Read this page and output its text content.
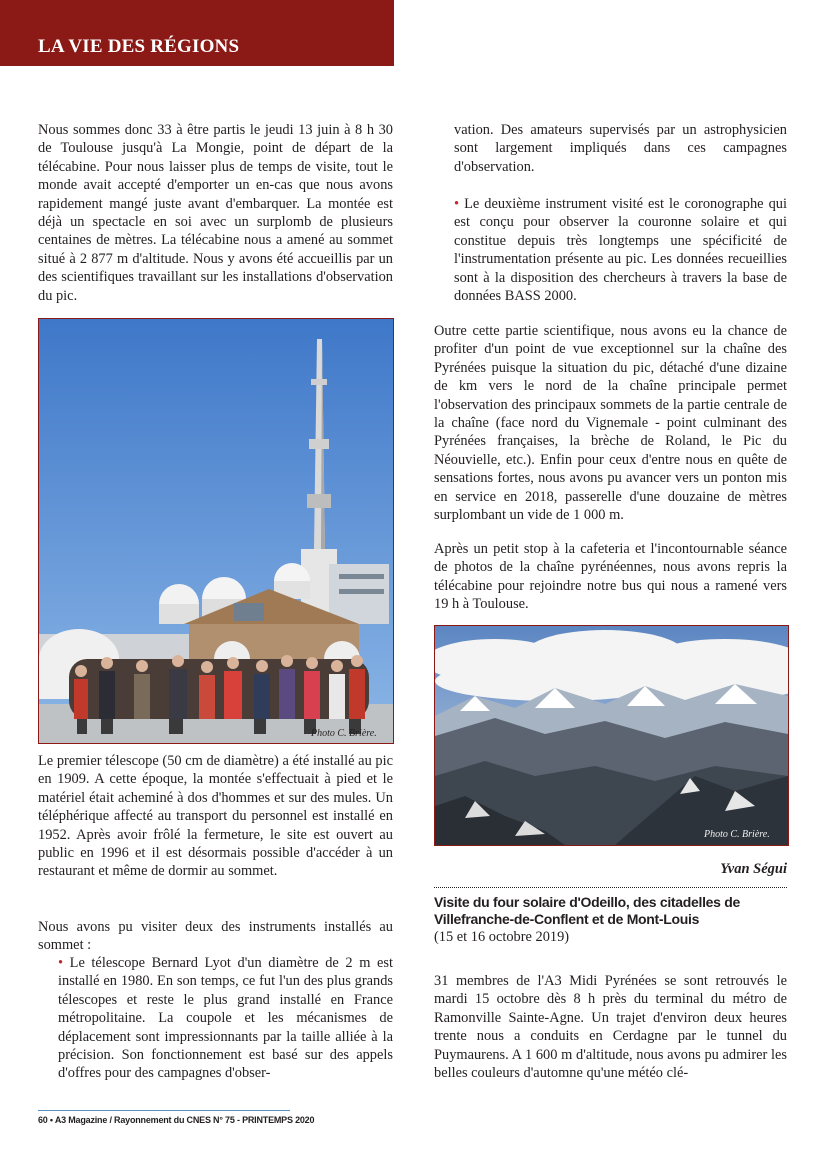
LA VIE DES RÉGIONS

Nous sommes donc 33 à être partis le jeudi 13 juin à 8 h 30 de Toulouse jusqu'à La Mongie, point de départ de la télécabine. Pour nous laisser plus de temps de visite, tout le monde avait accepté d'emporter un en-cas que nous avons rapidement mangé juste avant d'embarquer. La montée est déjà un spectacle en soi avec un surplomb de plusieurs centaines de mètres. La télécabine nous a amené au sommet situé à 2 877 m d'altitude. Nous y avons été accueillis par un des scientifiques travaillant sur les installations d'observation du pic.

Photo C. Brière.

Le premier télescope (50 cm de diamètre) a été installé au pic en 1909. A cette époque, la montée s'effectuait à pied et le matériel était acheminé à dos d'hommes et sur des mules. Un téléphérique affecté au transport du personnel est installé en 1952. Après avoir frôlé la fermeture, le site est ouvert au public en 1996 et il est désormais possible d'accéder à un restaurant et même de dormir au sommet.

Nous avons pu visiter deux des instruments installés au sommet :

• Le télescope Bernard Lyot d'un diamètre de 2 m est installé en 1980. En son temps, ce fut l'un des plus grands télescopes et reste le plus grand installé en France métropolitaine. La coupole et les mécanismes de déplacement sont impressionnants par la taille alliée à la précision. Son fonctionnement est basé sur des appels d'offres pour des campagnes d'obser-

vation. Des amateurs supervisés par un astrophysicien sont largement impliqués dans ces campagnes d'observation.

• Le deuxième instrument visité est le coronographe qui est conçu pour observer la couronne solaire et qui constitue depuis très longtemps une spécificité de l'instrumentation présente au pic. Les données recueillies sont à la disposition des chercheurs à travers la base de données BASS 2000.

Outre cette partie scientifique, nous avons eu la chance de profiter d'un point de vue exceptionnel sur la chaîne des Pyrénées puisque la situation du pic, détaché d'une dizaine de km vers le nord de la chaîne principale permet l'observation des principaux sommets de la partie centrale de la chaîne (face nord du Vignemale - point culminant des Pyrénées françaises, la brèche de Roland, le Pic du Néouvielle, etc.). Enfin pour ceux d'entre nous en quête de sensations fortes, nous avons pu avancer vers un ponton mis en service en 2018, passerelle d'une douzaine de mètres surplombant un vide de 1 000 m.

Après un petit stop à la cafeteria et l'incontournable séance de photos de la chaîne pyrénéennes, nous avons repris la télécabine pour rejoindre notre bus qui nous a ramené vers 19 h à Toulouse.

Photo C. Brière.
Yvan Ségui
Visite du four solaire d'Odeillo, des citadelles de Villefranche-de-Conflent et de Mont-Louis
(15 et 16 octobre 2019)

31 membres de l'A3 Midi Pyrénées se sont retrouvés le mardi 15 octobre dès 8 h près du terminal du métro de Ramonville Sainte-Agne. Un trajet d'environ deux heures trente nous a conduits en Cerdagne par le tunnel du Puymaurens. A 1 600 m d'altitude, nous avons pu admirer les belles couleurs d'automne qu'une météo clé-

60 • A3 Magazine / Rayonnement du CNES N° 75 - PRINTEMPS 2020
